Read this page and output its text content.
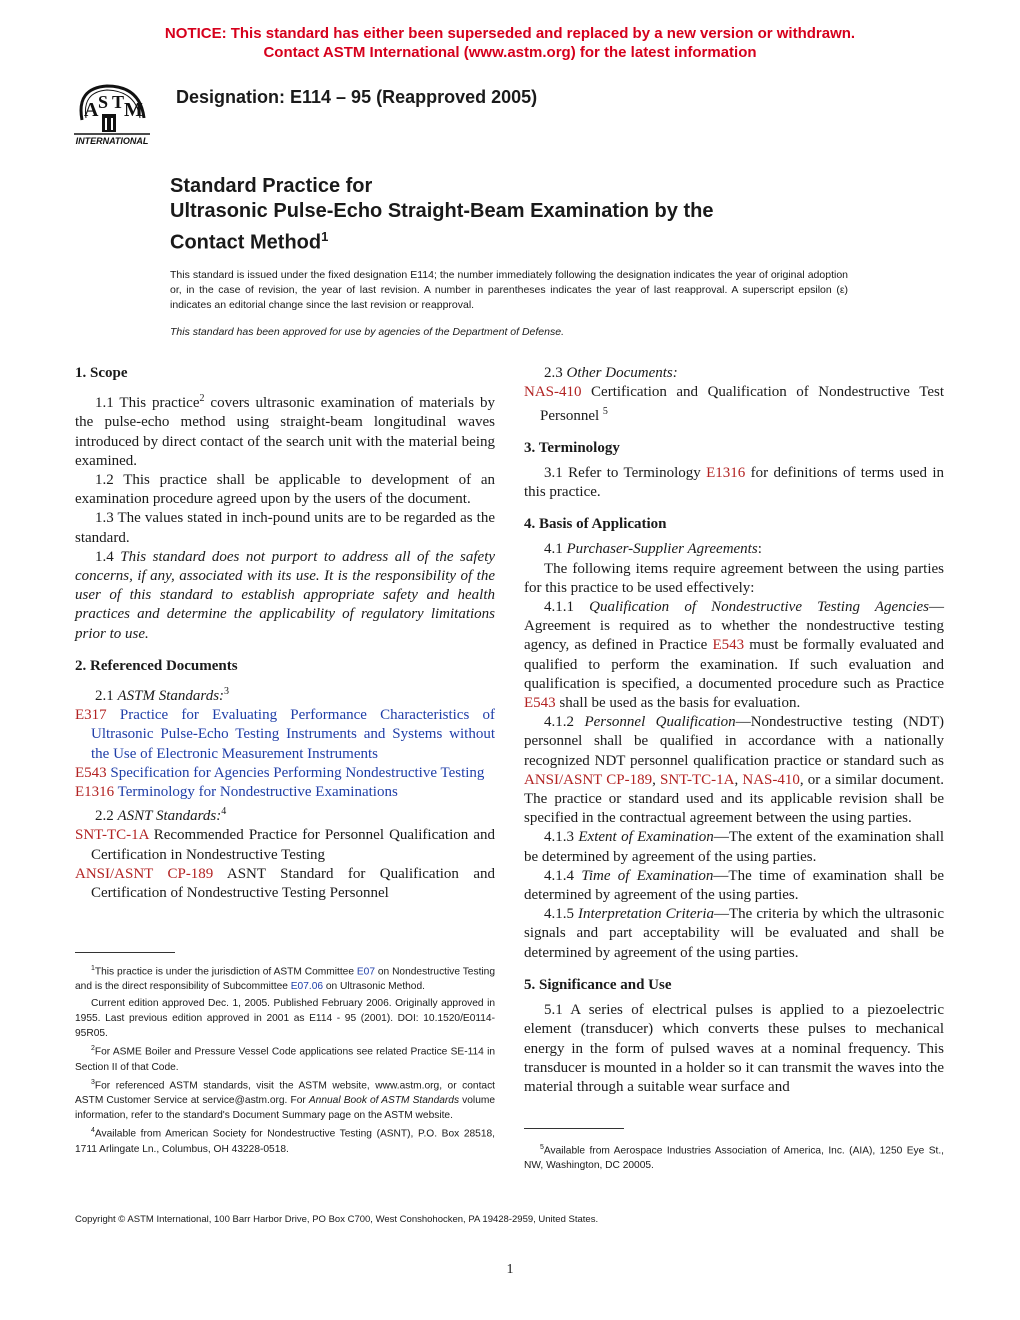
NOTICE: This standard has either been superseded and replaced by a new version or withdrawn.
Contact ASTM International (www.astm.org) for the latest information
A S T M
INTERNATIONAL
Designation: E114 – 95 (Reapproved 2005)
Standard Practice for
Ultrasonic Pulse-Echo Straight-Beam Examination by the
Contact Method$^1$
This standard is issued under the fixed designation E114; the number immediately following the designation indicates the year of original adoption or, in the case of revision, the year of last revision. A number in parentheses indicates the year of last reapproval. A superscript epsilon (ε) indicates an editorial change since the last revision or reapproval.
This standard has been approved for use by agencies of the Department of Defense.

1. Scope

1.1 This practice$^2$ covers ultrasonic examination of materials by the pulse-echo method using straight-beam longitudinal waves introduced by direct contact of the search unit with the material being examined.

1.2 This practice shall be applicable to development of an examination procedure agreed upon by the users of the document.

1.3 The values stated in inch-pound units are to be regarded as the standard.

1.4 This standard does not purport to address all of the safety concerns, if any, associated with its use. It is the responsibility of the user of this standard to establish appropriate safety and health practices and determine the applicability of regulatory limitations prior to use.

2. Referenced Documents

2.1 ASTM Standards:$^3$

E317 Practice for Evaluating Performance Characteristics of Ultrasonic Pulse-Echo Testing Instruments and Systems without the Use of Electronic Measurement Instruments

E543 Specification for Agencies Performing Nondestructive Testing

E1316 Terminology for Nondestructive Examinations

2.2 ASNT Standards:$^4$

SNT-TC-1A Recommended Practice for Personnel Qualification and Certification in Nondestructive Testing

ANSI/ASNT CP-189 ASNT Standard for Qualification and Certification of Nondestructive Testing Personnel

$^1$This practice is under the jurisdiction of ASTM Committee E07 on Nondestructive Testing and is the direct responsibility of Subcommittee E07.06 on Ultrasonic Method.

Current edition approved Dec. 1, 2005. Published February 2006. Originally approved in 1955. Last previous edition approved in 2001 as E114 - 95 (2001). DOI: 10.1520/E0114-95R05.

$^2$For ASME Boiler and Pressure Vessel Code applications see related Practice SE-114 in Section II of that Code.

$^3$For referenced ASTM standards, visit the ASTM website, www.astm.org, or contact ASTM Customer Service at service@astm.org. For Annual Book of ASTM Standards volume information, refer to the standard's Document Summary page on the ASTM website.

$^4$Available from American Society for Nondestructive Testing (ASNT), P.O. Box 28518, 1711 Arlingate Ln., Columbus, OH 43228-0518.

2.3 Other Documents:

NAS-410 Certification and Qualification of Nondestructive Test Personnel $^5$

3. Terminology

3.1 Refer to Terminology E1316 for definitions of terms used in this practice.

4. Basis of Application

4.1 Purchaser-Supplier Agreements:

The following items require agreement between the using parties for this practice to be used effectively:

4.1.1 Qualification of Nondestructive Testing Agencies—Agreement is required as to whether the nondestructive testing agency, as defined in Practice E543 must be formally evaluated and qualified to perform the examination. If such evaluation and qualification is specified, a documented procedure such as Practice E543 shall be used as the basis for evaluation.

4.1.2 Personnel Qualification—Nondestructive testing (NDT) personnel shall be qualified in accordance with a nationally recognized NDT personnel qualification practice or standard such as ANSI/ASNT CP-189, SNT-TC-1A, NAS-410, or a similar document. The practice or standard used and its applicable revision shall be specified in the contractual agreement between the using parties.

4.1.3 Extent of Examination—The extent of the examination shall be determined by agreement of the using parties.

4.1.4 Time of Examination—The time of examination shall be determined by agreement of the using parties.

4.1.5 Interpretation Criteria—The criteria by which the ultrasonic signals and part acceptability will be evaluated and shall be determined by agreement of the using parties.

5. Significance and Use

5.1 A series of electrical pulses is applied to a piezoelectric element (transducer) which converts these pulses to mechanical energy in the form of pulsed waves at a nominal frequency. This transducer is mounted in a holder so it can transmit the waves into the material through a suitable wear surface and

$^5$Available from Aerospace Industries Association of America, Inc. (AIA), 1250 Eye St., NW, Washington, DC 20005.

Copyright © ASTM International, 100 Barr Harbor Drive, PO Box C700, West Conshohocken, PA 19428-2959, United States.
1
